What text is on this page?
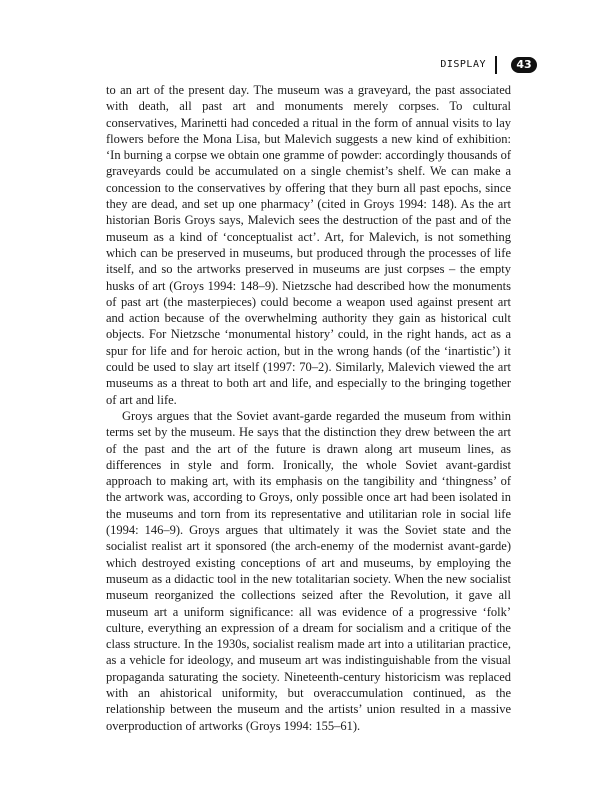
DISPLAY	43

to an art of the present day. The museum was a graveyard, the past associated with death, all past art and monuments merely corpses. To cultural conservatives, Marinetti had conceded a ritual in the form of annual visits to lay flowers before the Mona Lisa, but Malevich suggests a new kind of exhibition: ‘In burning a corpse we obtain one gramme of powder: accordingly thousands of graveyards could be accumulated on a single chemist’s shelf. We can make a concession to the conservatives by offering that they burn all past epochs, since they are dead, and set up one pharmacy’ (cited in Groys 1994: 148). As the art historian Boris Groys says, Malevich sees the destruction of the past and of the museum as a kind of ‘conceptualist act’. Art, for Malevich, is not something which can be preserved in museums, but produced through the processes of life itself, and so the artworks preserved in museums are just corpses – the empty husks of art (Groys 1994: 148–9). Nietzsche had described how the monuments of past art (the masterpieces) could become a weapon used against present art and action because of the overwhelming authority they gain as historical cult objects. For Nietzsche ‘monumental history’ could, in the right hands, act as a spur for life and for heroic action, but in the wrong hands (of the ‘inartistic’) it could be used to slay art itself (1997: 70–2). Similarly, Malevich viewed the art museums as a threat to both art and life, and especially to the bringing together of art and life.

Groys argues that the Soviet avant-garde regarded the museum from within terms set by the museum. He says that the distinction they drew between the art of the past and the art of the future is drawn along art museum lines, as differences in style and form. Ironically, the whole Soviet avant-gardist approach to making art, with its emphasis on the tangibility and ‘thingness’ of the artwork was, according to Groys, only possible once art had been isolated in the museums and torn from its representative and utilitarian role in social life (1994: 146–9). Groys argues that ultimately it was the Soviet state and the socialist realist art it sponsored (the arch-enemy of the modernist avant-garde) which destroyed existing conceptions of art and museums, by employing the museum as a didactic tool in the new totalitarian society. When the new socialist museum reorganized the collections seized after the Revolution, it gave all museum art a uniform significance: all was evidence of a progressive ‘folk’ culture, everything an expression of a dream for socialism and a critique of the class structure. In the 1930s, socialist realism made art into a utilitarian practice, as a vehicle for ideology, and museum art was indistinguishable from the visual propaganda saturating the society. Nineteenth-century historicism was replaced with an ahistorical uniformity, but overaccumulation continued, as the relationship between the museum and the artists’ union resulted in a massive overproduction of artworks (Groys 1994: 155–61).
